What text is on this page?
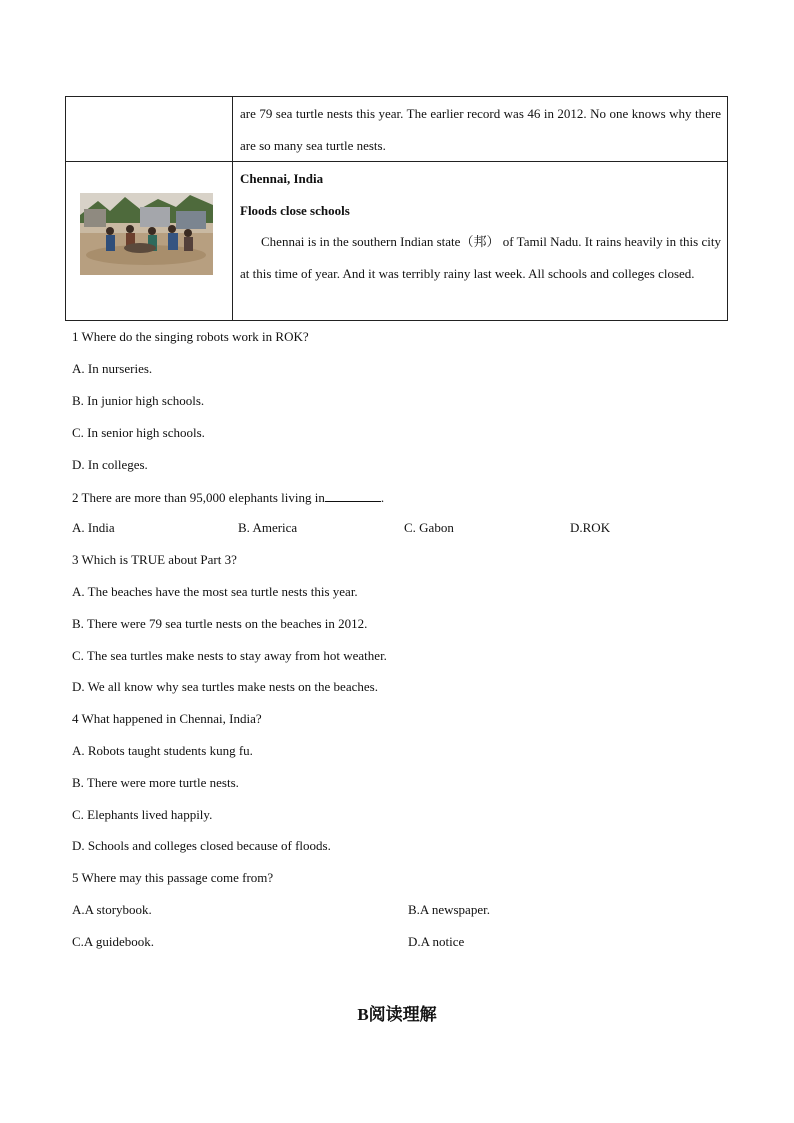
	are 79 sea turtle nests this year. The earlier record was 46 in 2012. No one knows why there are so many sea turtle nests.

Chennai, India

Floods close schools

Chennai is in the southern Indian state（邦） of Tamil Nadu. It rains heavily in this city at this time of year. And it was terribly rainy last week. All schools and colleges closed.

1 Where do the singing robots work in ROK?

A. In nurseries.

B. In junior high schools.

C. In senior high schools.

D. In colleges.

2 There are more than 95,000 elephants living in	.

A. India	B. America	C. Gabon	D.ROK

3 Which is TRUE about Part 3?

A. The beaches have the most sea turtle nests this year.

B. There were 79 sea turtle nests on the beaches in 2012.

C. The sea turtles make nests to stay away from hot weather.

D. We all know why sea turtles make nests on the beaches.

4 What happened in Chennai, India?

A. Robots taught students kung fu.

B. There were more turtle nests.

C. Elephants lived happily.

D. Schools and colleges closed because of floods.

5 Where may this passage come from?

A.A storybook.	B.A newspaper.

C.A guidebook.	D.A notice

B阅读理解
